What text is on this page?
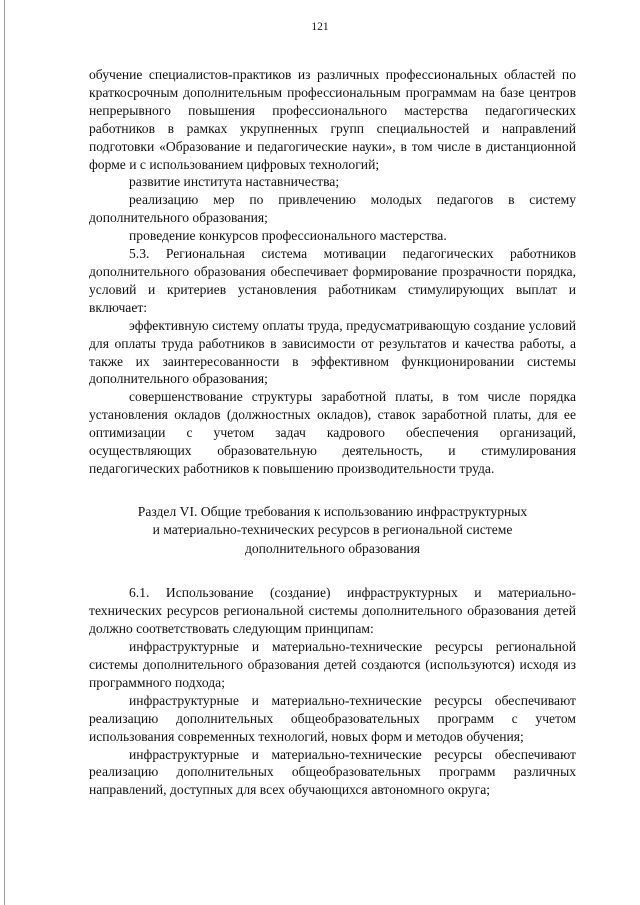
121

обучение специалистов-практиков из различных профессиональных областей по краткосрочным дополнительным профессиональным программам на базе центров непрерывного повышения профессионального мастерства педагогических работников в рамках укрупненных групп специальностей и направлений подготовки «Образование и педагогические науки», в том числе в дистанционной форме и с использованием цифровых технологий;

развитие института наставничества;

реализацию мер по привлечению молодых педагогов в систему дополнительного образования;

проведение конкурсов профессионального мастерства.

5.3. Региональная система мотивации педагогических работников дополнительного образования обеспечивает формирование прозрачности порядка, условий и критериев установления работникам стимулирующих выплат и включает:

эффективную систему оплаты труда, предусматривающую создание условий для оплаты труда работников в зависимости от результатов и качества работы, а также их заинтересованности в эффективном функционировании системы дополнительного образования;

совершенствование структуры заработной платы, в том числе порядка установления окладов (должностных окладов), ставок заработной платы, для ее оптимизации с учетом задач кадрового обеспечения организаций, осуществляющих образовательную деятельность, и стимулирования педагогических работников к повышению производительности труда.

Раздел VI. Общие требования к использованию инфраструктурных
и материально-технических ресурсов в региональной системе
дополнительного образования

6.1. Использование (создание) инфраструктурных и материально-технических ресурсов региональной системы дополнительного образования детей должно соответствовать следующим принципам:

инфраструктурные и материально-технические ресурсы региональной системы дополнительного образования детей создаются (используются) исходя из программного подхода;

инфраструктурные и материально-технические ресурсы обеспечивают реализацию дополнительных общеобразовательных программ с учетом использования современных технологий, новых форм и методов обучения;

инфраструктурные и материально-технические ресурсы обеспечивают реализацию дополнительных общеобразовательных программ различных направлений, доступных для всех обучающихся автономного округа;
